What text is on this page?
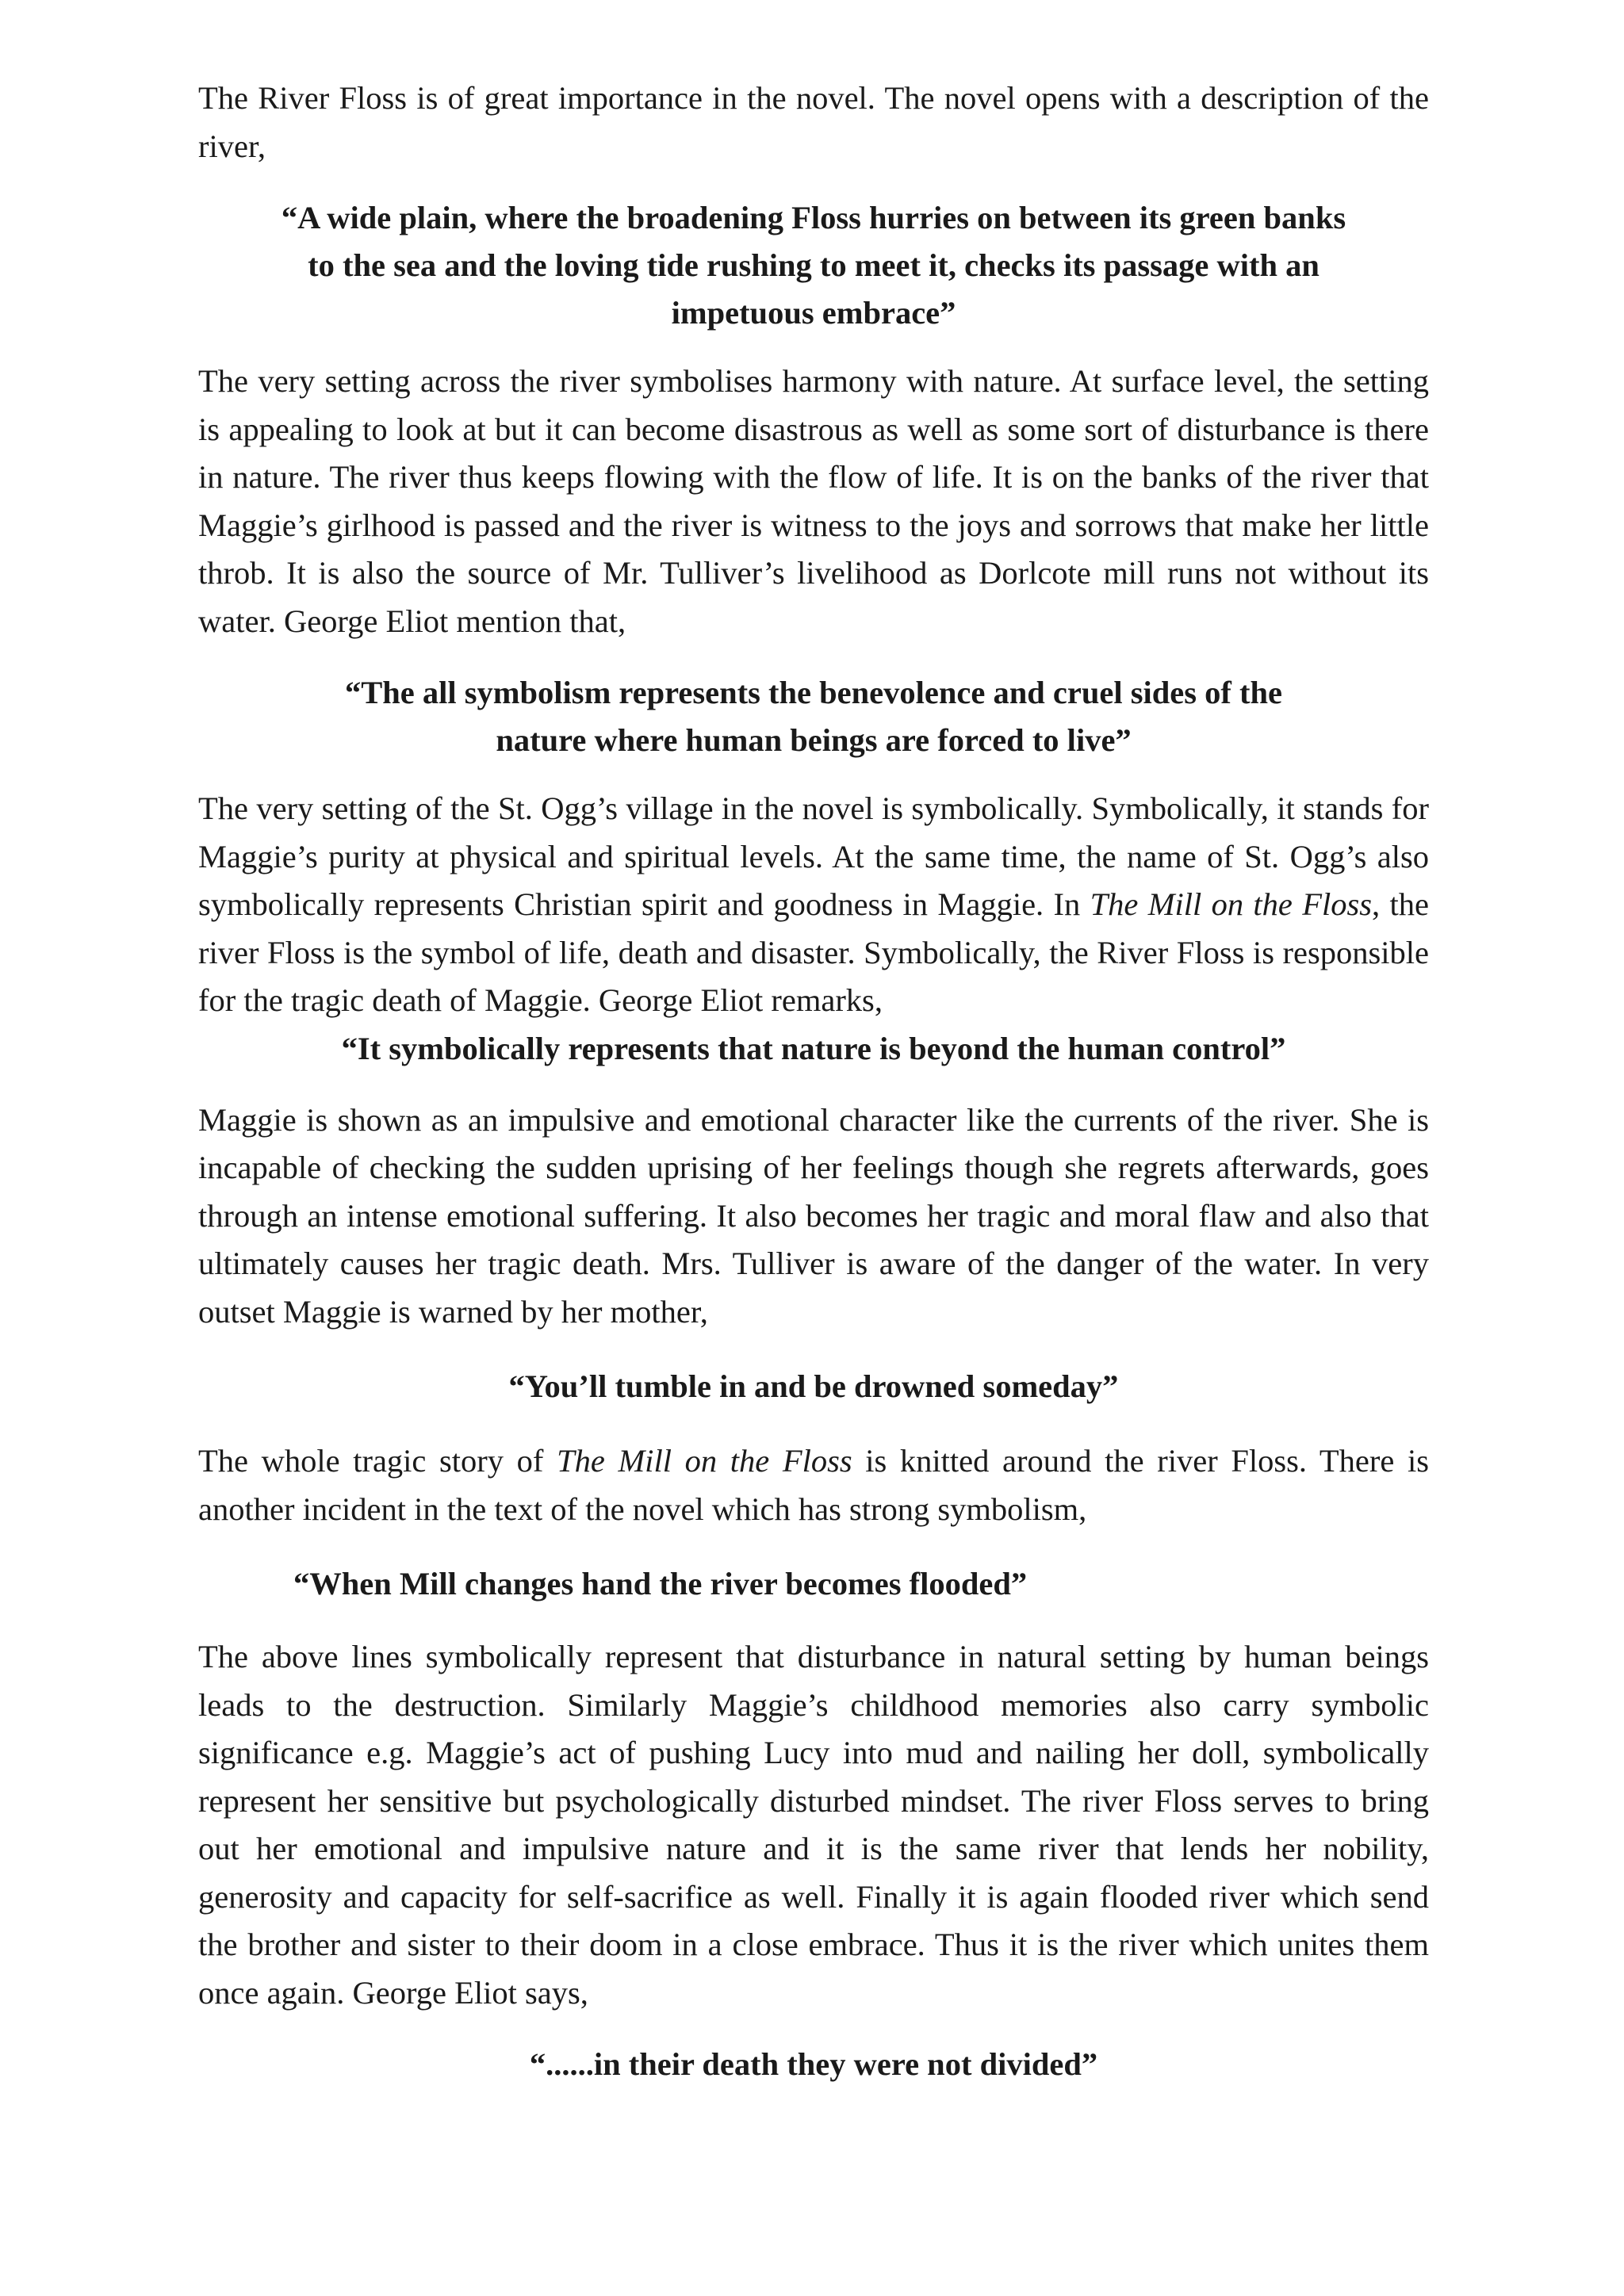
The River Floss is of great importance in the novel. The novel opens with a description of the river,

“A wide plain, where the broadening Floss hurries on between its green banks to the sea and the loving tide rushing to meet it, checks its passage with an impetuous embrace”

The very setting across the river symbolises harmony with nature. At surface level, the setting is appealing to look at but it can become disastrous as well as some sort of disturbance is there in nature. The river thus keeps flowing with the flow of life. It is on the banks of the river that Maggie’s girlhood is passed and the river is witness to the joys and sorrows that make her little throb. It is also the source of Mr. Tulliver’s livelihood as Dorlcote mill runs not without its water. George Eliot mention that,

“The all symbolism represents the benevolence and cruel sides of the nature where human beings are forced to live”

The very setting of the St. Ogg’s village in the novel is symbolically. Symbolically, it stands for Maggie’s purity at physical and spiritual levels. At the same time, the name of St. Ogg’s also symbolically represents Christian spirit and goodness in Maggie. In The Mill on the Floss, the river Floss is the symbol of life, death and disaster. Symbolically, the River Floss is responsible for the tragic death of Maggie. George Eliot remarks,

“It symbolically represents that nature is beyond the human control”

Maggie is shown as an impulsive and emotional character like the currents of the river. She is incapable of checking the sudden uprising of her feelings though she regrets afterwards, goes through an intense emotional suffering. It also becomes her tragic and moral flaw and also that ultimately causes her tragic death. Mrs. Tulliver is aware of the danger of the water. In very outset Maggie is warned by her mother,

“You’ll tumble in and be drowned someday”

The whole tragic story of The Mill on the Floss is knitted around the river Floss. There is another incident in the text of the novel which has strong symbolism,

“When Mill changes hand the river becomes flooded”

The above lines symbolically represent that disturbance in natural setting by human beings leads to the destruction. Similarly Maggie’s childhood memories also carry symbolic significance e.g. Maggie’s act of pushing Lucy into mud and nailing her doll, symbolically represent her sensitive but psychologically disturbed mindset. The river Floss serves to bring out her emotional and impulsive nature and it is the same river that lends her nobility, generosity and capacity for self-sacrifice as well. Finally it is again flooded river which send the brother and sister to their doom in a close embrace. Thus it is the river which unites them once again. George Eliot says,

“......in their death they were not divided”
